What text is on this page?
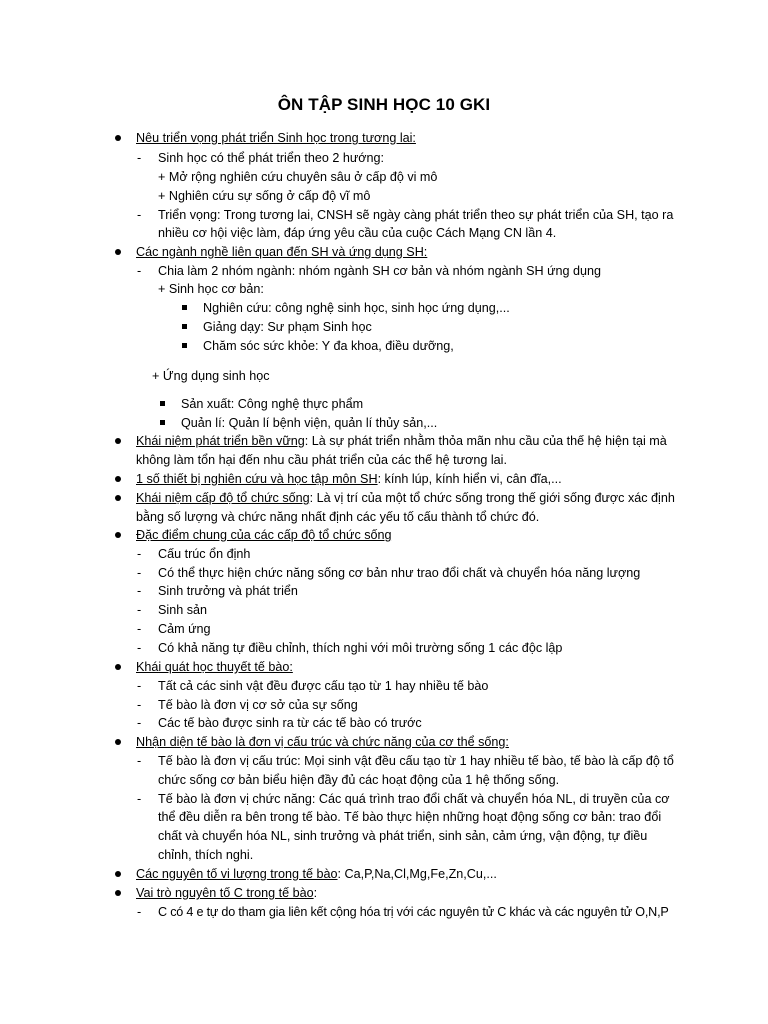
ÔN TẬP SINH HỌC 10 GKI
Nêu triển vọng phát triển Sinh học trong tương lai:
- Sinh học có thể phát triển theo 2 hướng:
+ Mở rộng nghiên cứu chuyên sâu ở cấp độ vi mô
+ Nghiên cứu sự sống ở cấp độ vĩ mô
- Triển vọng: Trong tương lai, CNSH sẽ ngày càng phát triển theo sự phát triển của SH, tạo ra
nhiều cơ hội việc làm, đáp ứng yêu cầu của cuộc Cách Mạng CN lần 4.
Các ngành nghề liên quan đến SH và ứng dụng SH:
- Chia làm 2 nhóm ngành: nhóm ngành SH cơ bản và nhóm ngành SH ứng dụng
+ Sinh học cơ bản:
Nghiên cứu: công nghệ sinh học, sinh học ứng dụng,...
Giảng dạy: Sư phạm Sinh học
Chăm sóc sức khỏe: Y đa khoa, điều dưỡng,
+ Ứng dụng sinh học
Sản xuất: Công nghệ thực phẩm
Quản lí: Quản lí bệnh viện, quản lí thủy sản,...
Khái niệm phát triển bền vững: Là sự phát triển nhằm thỏa mãn nhu cầu của thế hệ hiện tại mà
không làm tổn hại đến nhu cầu phát triển của các thế hệ tương lai.
1 số thiết bị nghiên cứu và học tập môn SH: kính lúp, kính hiển vi, cân đĩa,...
Khái niệm cấp độ tổ chức sống: Là vị trí của một tổ chức sống trong thế giới sống được xác định
bằng số lượng và chức năng nhất định các yếu tố cấu thành tổ chức đó.
Đặc điểm chung của các cấp độ tổ chức sống
- Cấu trúc ổn định
- Có thể thực hiện chức năng sống cơ bản như trao đổi chất và chuyển hóa năng lượng
- Sinh trưởng và phát triển
- Sinh sản
- Cảm ứng
- Có khả năng tự điều chỉnh, thích nghi với môi trường sống 1 các độc lập
Khái quát học thuyết tế bào:
- Tất cả các sinh vật đều được cấu tạo từ 1 hay nhiều tế bào
- Tế bào là đơn vị cơ sở của sự sống
- Các tế bào được sinh ra từ các tế bào có trước
Nhận diện tế bào là đơn vị cấu trúc và chức năng của cơ thể sống:
- Tế bào là đơn vị cấu trúc: Mọi sinh vật đều cấu tạo từ 1 hay nhiều tế bào, tế bào là cấp độ tổ
chức sống cơ bản biểu hiện đầy đủ các hoạt động của 1 hệ thống sống.
- Tế bào là đơn vị chức năng: Các quá trình trao đổi chất và chuyển hóa NL, di truyền của cơ
thể đều diễn ra bên trong tế bào. Tế bào thực hiện những hoạt động sống cơ bản: trao đổi
chất và chuyển hóa NL, sinh trưởng và phát triển, sinh sản, cảm ứng, vận động, tự điều
chỉnh, thích nghi.
Các nguyên tố vi lượng trong tế bào: Ca,P,Na,Cl,Mg,Fe,Zn,Cu,...
Vai trò nguyên tố C trong tế bào:
- C có 4 e tự do tham gia liên kết cộng hóa trị với các nguyên tử C khác và các nguyên tử O,N,P
